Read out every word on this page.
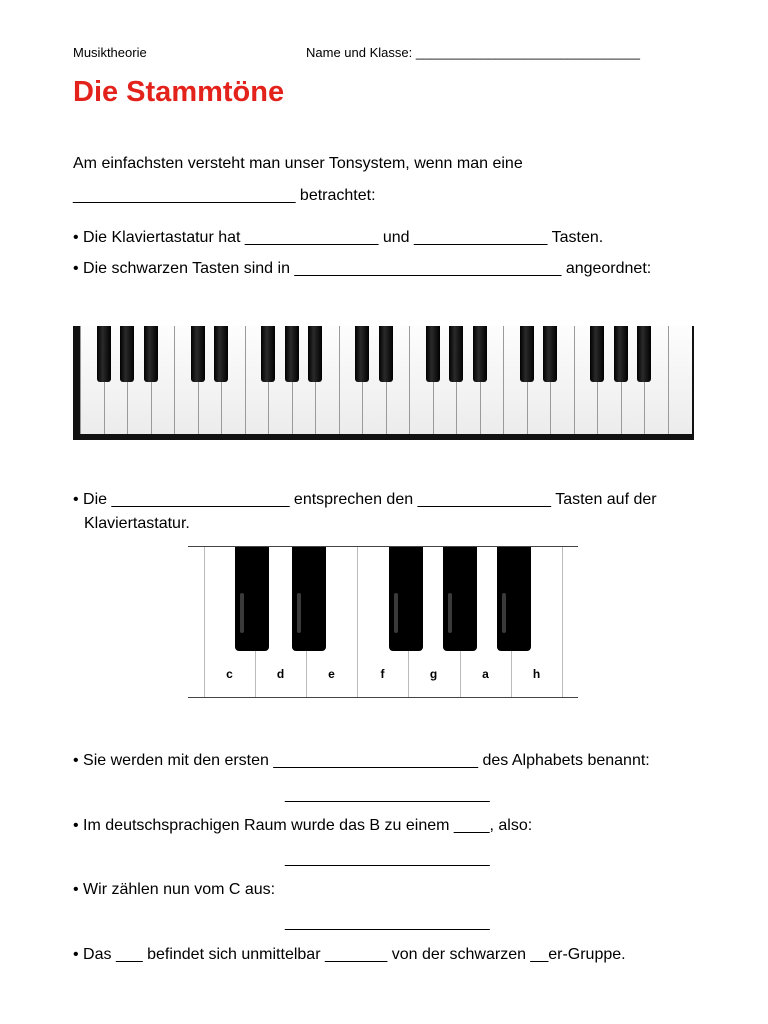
Musiktheorie	Name und Klasse: _______________________________
Die Stammtöne
Am einfachsten versteht man unser Tonsystem, wenn man eine
_________________________ betrachtet:
• Die Klaviertastatur hat _______________ und _______________ Tasten.
• Die schwarzen Tasten sind in ______________________________ angeordnet:
• Die ____________________ entsprechen den _______________ Tasten auf der
Klaviertastatur.
c	d	e	f	g	a	h
• Sie werden mit den ersten _______________________ des Alphabets benannt:
_______________________
• Im deutschsprachigen Raum wurde das B zu einem ____, also:
_______________________
• Wir zählen nun vom C aus:
_______________________
• Das ___ befindet sich unmittelbar _______ von der schwarzen __er-Gruppe.
